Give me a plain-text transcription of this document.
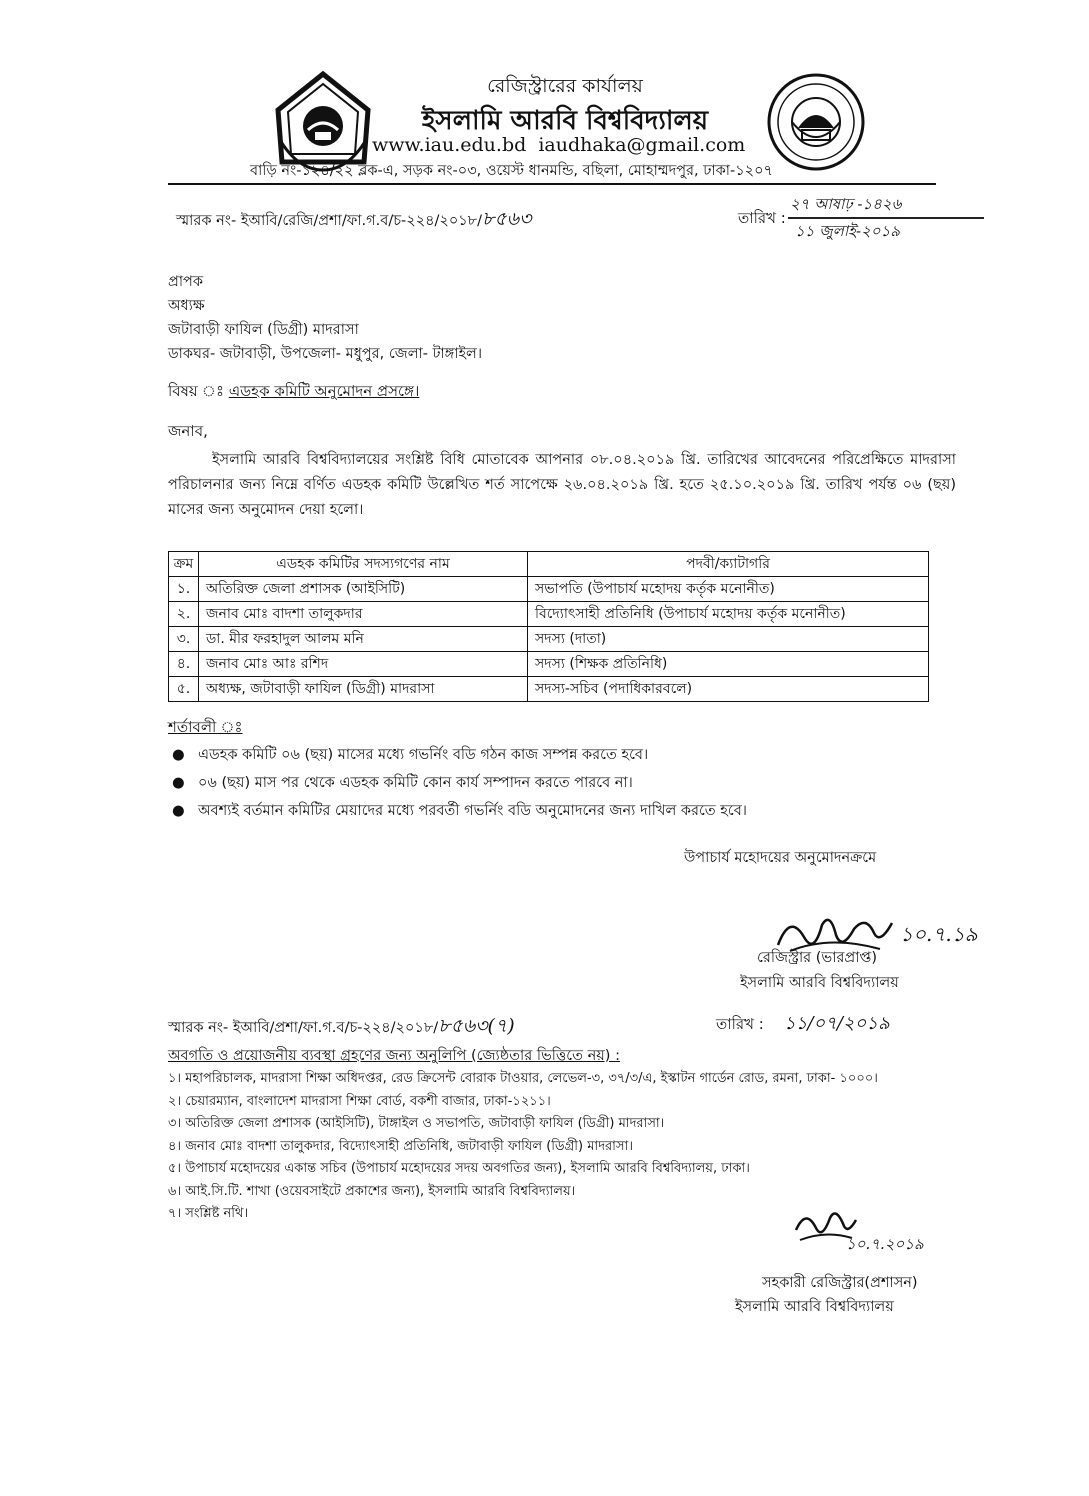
রেজিস্ট্রারের কার্যালয়
ইসলামি আরবি বিশ্ববিদ্যালয়
www.iau.edu.bd iaudhaka@gmail.com
বাড়ি নং-১২৪/২২ ব্লক-এ, সড়ক নং-০৩, ওয়েস্ট ধানমন্ডি, বছিলা, মোহাম্মদপুর, ঢাকা-১২০৭
স্মারক নং- ইআবি/রেজি/প্রশা/ফা.গ.ব/চ-২২৪/২০১৮/৮৫৬৩	তারিখ :
২৭ আষাঢ় -১৪২৬
১১ জুলাই-২০১৯
প্রাপক
অধ্যক্ষ
জটাবাড়ী ফাযিল (ডিগ্রী) মাদরাসা
ডাকঘর- জটাবাড়ী, উপজেলা- মধুপুর, জেলা- টাঙ্গাইল।
বিষয় ঃ এডহক কমিটি অনুমোদন প্রসঙ্গে।
জনাব,
ইসলামি আরবি বিশ্ববিদ্যালয়ের সংশ্লিষ্ট বিধি মোতাবেক আপনার ০৮.০৪.২০১৯ খ্রি. তারিখের আবেদনের পরিপ্রেক্ষিতে মাদরাসা পরিচালনার জন্য নিম্নে বর্ণিত এডহক কমিটি উল্লেখিত শর্ত সাপেক্ষে ২৬.০৪.২০১৯ খ্রি. হতে ২৫.১০.২০১৯ খ্রি. তারিখ পর্যন্ত ০৬ (ছয়) মাসের জন্য অনুমোদন দেয়া হলো।
ক্রম	এডহক কমিটির সদস্যগণের নাম	পদবী/ক্যাটাগরি
১.	অতিরিক্ত জেলা প্রশাসক (আইসিটি)	সভাপতি (উপাচার্য মহোদয় কর্তৃক মনোনীত)
২.	জনাব মোঃ বাদশা তালুকদার	বিদ্যোৎসাহী প্রতিনিধি (উপাচার্য মহোদয় কর্তৃক মনোনীত)
৩.	ডা. মীর ফরহাদুল আলম মনি	সদস্য (দাতা)
৪.	জনাব মোঃ আঃ রশিদ	সদস্য (শিক্ষক প্রতিনিধি)
৫.	অধ্যক্ষ, জটাবাড়ী ফাযিল (ডিগ্রী) মাদরাসা	সদস্য-সচিব (পদাধিকারবলে)
শর্তাবলী ঃ
● এডহক কমিটি ০৬ (ছয়) মাসের মধ্যে গভর্নিং বডি গঠন কাজ সম্পন্ন করতে হবে।
● ০৬ (ছয়) মাস পর থেকে এডহক কমিটি কোন কার্য সম্পাদন করতে পারবে না।
● অবশ্যই বর্তমান কমিটির মেয়াদের মধ্যে পরবর্তী গভর্নিং বডি অনুমোদনের জন্য দাখিল করতে হবে।
উপাচার্য মহোদয়ের অনুমোদনক্রমে
১০.৭.১৯
রেজিস্ট্রার (ভারপ্রাপ্ত)
ইসলামি আরবি বিশ্ববিদ্যালয়
স্মারক নং- ইআবি/প্রশা/ফা.গ.ব/চ-২২৪/২০১৮/৮৫৬৩(৭)	তারিখ : ১১/০৭/২০১৯
অবগতি ও প্রয়োজনীয় ব্যবস্থা গ্রহণের জন্য অনুলিপি (জ্যেষ্ঠতার ভিত্তিতে নয়) :
১। মহাপরিচালক, মাদরাসা শিক্ষা অধিদপ্তর, রেড ক্রিসেন্ট বোরাক টাওয়ার, লেভেল-৩, ৩৭/৩/এ, ইস্কাটন গার্ডেন রোড, রমনা, ঢাকা- ১০০০।
২। চেয়ারম্যান, বাংলাদেশ মাদরাসা শিক্ষা বোর্ড, বকশী বাজার, ঢাকা-১২১১।
৩। অতিরিক্ত জেলা প্রশাসক (আইসিটি), টাঙ্গাইল ও সভাপতি, জটাবাড়ী ফাযিল (ডিগ্রী) মাদরাসা।
৪। জনাব মোঃ বাদশা তালুকদার, বিদ্যোৎসাহী প্রতিনিধি, জটাবাড়ী ফাযিল (ডিগ্রী) মাদরাসা।
৫। উপাচার্য মহোদয়ের একান্ত সচিব (উপাচার্য মহোদয়ের সদয় অবগতির জন্য), ইসলামি আরবি বিশ্ববিদ্যালয়, ঢাকা।
৬। আই.সি.টি. শাখা (ওয়েবসাইটে প্রকাশের জন্য), ইসলামি আরবি বিশ্ববিদ্যালয়।
৭। সংশ্লিষ্ট নথি।
১০.৭.২০১৯
সহকারী রেজিস্ট্রার(প্রশাসন)
ইসলামি আরবি বিশ্ববিদ্যালয়
